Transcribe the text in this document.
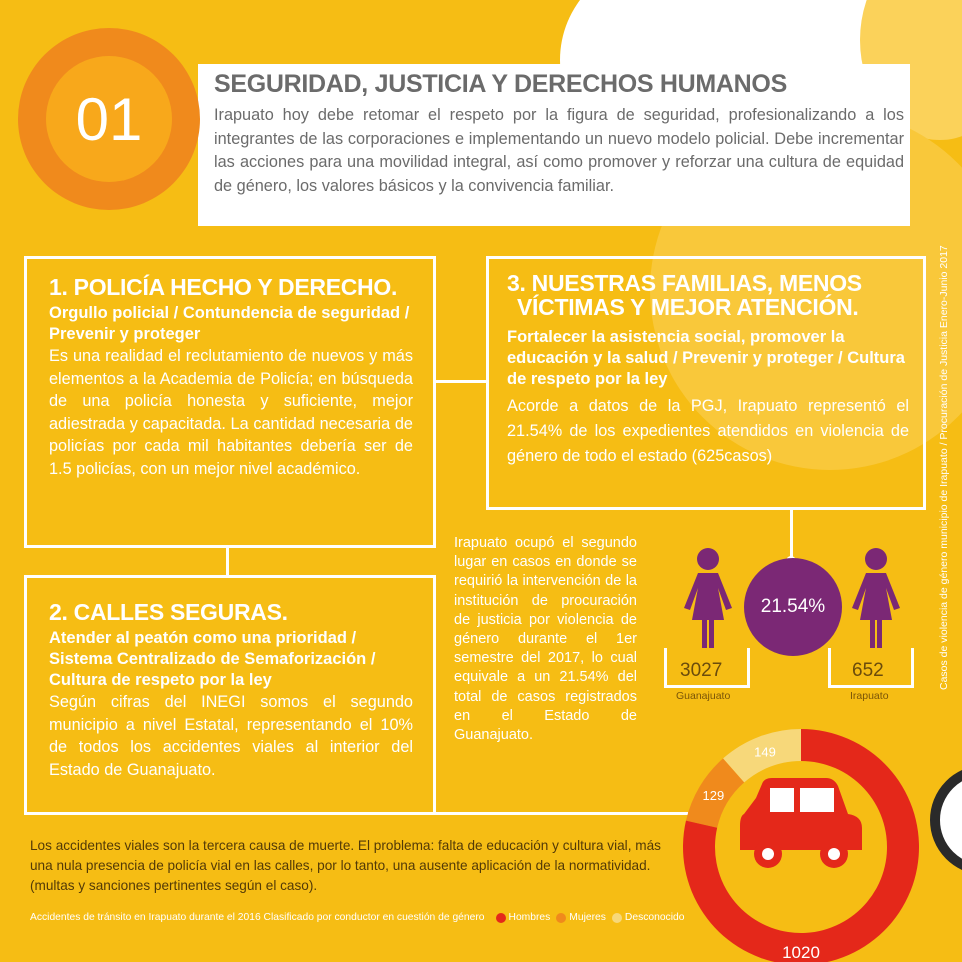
01
SEGURIDAD, JUSTICIA Y DERECHOS HUMANOS
Irapuato hoy debe retomar el respeto por la figura de seguridad, profesionalizando a los integrantes de las corporaciones e implementando un nuevo modelo policial. Debe incrementar las acciones para una movilidad integral, así como promover y reforzar una cultura de equidad de género, los valores básicos y la convivencia familiar.
1. POLICÍA HECHO Y DERECHO.
Orgullo policial / Contundencia de seguridad / Prevenir y proteger
Es una realidad el reclutamiento de nuevos y más elementos a la Academia de Policía; en búsqueda de una policía honesta y suficiente, mejor adiestrada y capacitada. La cantidad necesaria de policías por cada mil habitantes debería ser de 1.5 policías, con un mejor nivel académico.
2. CALLES SEGURAS.
Atender al peatón como una prioridad / Sistema Centralizado de Semaforización / Cultura de respeto por la ley
Según cifras del INEGI somos el segundo municipio a nivel Estatal, representando el 10% de todos los accidentes viales al interior del Estado de Guanajuato.
3. NUESTRAS FAMILIAS, MENOS
VÍCTIMAS Y MEJOR ATENCIÓN.
Fortalecer la asistencia social, promover la educación y la salud / Prevenir y proteger / Cultura de respeto por la ley
Acorde a datos de la PGJ, Irapuato representó el 21.54% de los expedientes atendidos en violencia de género de todo el estado (625casos)
Irapuato ocupó el segundo lugar en casos en donde se requirió la intervención de la institución de procuración de justicia por violencia de género durante el 1er semestre del 2017, lo cual equivale a un 21.54% del total de casos registrados en el Estado de Guanajuato.
Casos de violencia de género municipio de Irapuato / Procuración de Justicia Enero-Junio 2017
21.54%
3027	652
Guanajuato	Irapuato
129
149
1020
Los accidentes viales son la tercera causa de muerte. El problema: falta de educación y cultura vial, más una nula presencia de policía vial en las calles, por lo tanto, una ausente aplicación de la normatividad. (multas y sanciones pertinentes según el caso).
Accidentes de tránsito en Irapuato durante el 2016 Clasificado por conductor en cuestión de género Hombres Mujeres Desconocido
